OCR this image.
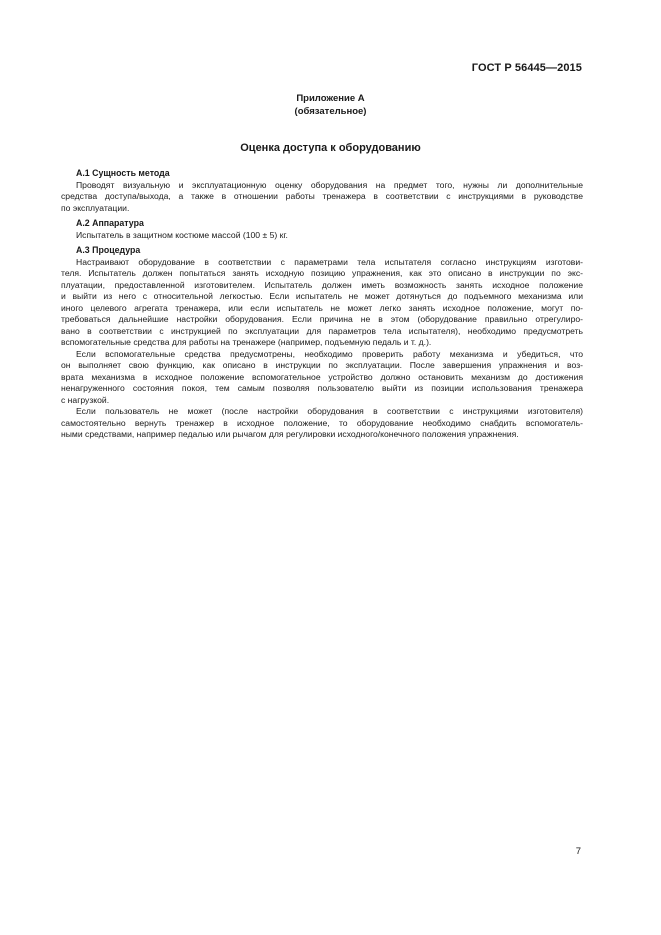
ГОСТ Р 56445—2015
Приложение А
(обязательное)
Оценка доступа к оборудованию
А.1 Сущность метода

Проводят визуальную и эксплуатационную оценку оборудования на предмет того, нужны ли дополнительные
средства доступа/выхода, а также в отношении работы тренажера в соответствии с инструкциями в руководстве
по эксплуатации.

А.2 Аппаратура

Испытатель в защитном костюме массой (100 ± 5) кг.

А.3 Процедура

Настраивают оборудование в соответствии с параметрами тела испытателя согласно инструкциям изготови-
теля. Испытатель должен попытаться занять исходную позицию упражнения, как это описано в инструкции по экс-
плуатации, предоставленной изготовителем. Испытатель должен иметь возможность занять исходное положение
и выйти из него с относительной легкостью. Если испытатель не может дотянуться до подъемного механизма или
иного целевого агрегата тренажера, или если испытатель не может легко занять исходное положение, могут по-
требоваться дальнейшие настройки оборудования. Если причина не в этом (оборудование правильно отрегулиро-
вано в соответствии с инструкцией по эксплуатации для параметров тела испытателя), необходимо предусмотреть
вспомогательные средства для работы на тренажере (например, подъемную педаль и т. д.).

Если вспомогательные средства предусмотрены, необходимо проверить работу механизма и убедиться, что
он выполняет свою функцию, как описано в инструкции по эксплуатации. После завершения упражнения и воз-
врата механизма в исходное положение вспомогательное устройство должно остановить механизм до достижения
ненагруженного состояния покоя, тем самым позволяя пользователю выйти из позиции использования тренажера
с нагрузкой.

Если пользователь не может (после настройки оборудования в соответствии с инструкциями изготовителя)
самостоятельно вернуть тренажер в исходное положение, то оборудование необходимо снабдить вспомогатель-
ными средствами, например педалью или рычагом для регулировки исходного/конечного положения упражнения.

7
